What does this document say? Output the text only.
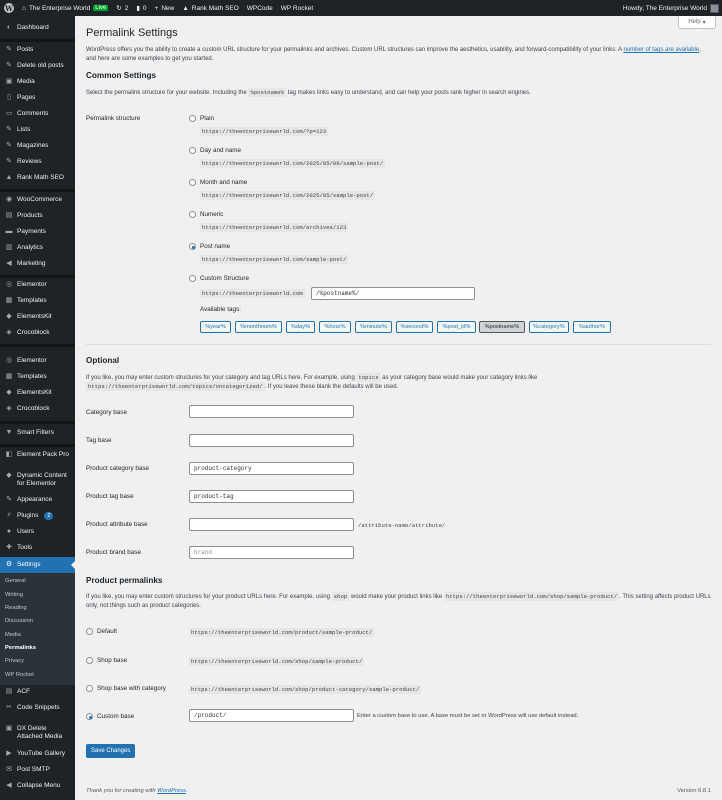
W ⌂ The Enterprise World Live	↻ 2 ▮ 0 + New ▲ Rank Math SEO WPCode WP Rocket	Howdy, The Enterprise World
◐ Dashboard
✎ Posts
✎ Delete old posts
▣ Media
▯ Pages
▭ Comments
✎ Lists
✎ Magazines
✎ Reviews
▲ Rank Math SEO
◉ WooCommerce
▤ Products
▬ Payments
▥ Analytics
◀ Marketing
◎ Elementor
▦ Templates
◆ ElementsKit
◈ Crocoblock
◎ Elementor
▦ Templates
◆ ElementsKit
◈ Crocoblock
▼ Smart Filters
◧ Element Pack Pro
◆ Dynamic Content for Elementor
✎ Appearance
⚡ Plugins	2
● Users
✚ Tools
⚙ Settings
General
Writing
Reading
Discussion
Media
Permalinks
Privacy
WP Rocket
▤ ACF
✂ Code Snippets
▣ DX Delete Attached Media
▶ YouTube Gallery
✉ Post SMTP
◀ Collapse Menu
Help ▾
Permalink Settings

WordPress offers you the ability to create a custom URL structure for your permalinks and archives. Custom URL structures can improve the aesthetics, usability, and forward-compatibility of your links. A number of tags are available, and here are some examples to get you started.

Common Settings

Select the permalink structure for your website. Including the %postname% tag makes links easy to understand, and can help your posts rank higher in search engines.

Permalink structure	Plain
https://theenterpriseworld.com/?p=123
Day and name
https://theenterpriseworld.com/2025/05/09/sample-post/
Month and name
https://theenterpriseworld.com/2025/05/sample-post/
Numeric
https://theenterpriseworld.com/archives/123
Post name
https://theenterpriseworld.com/sample-post/
Custom Structure
https://theenterpriseworld.com	/%postname%/
Available tags:
%year%	%monthnum%	%day%	%hour%	%minute%	%second%	%post_id%	%postname%	%category%	%author%
Optional

If you like, you may enter custom structures for your category and tag URLs here. For example, using topics as your category base would make your category links like https://theenterpriseworld.com/topics/uncategorized/ . If you leave these blank the defaults will be used.

Category base
Tag base
Product category base	product-category
Product tag base	product-tag
Product attribute base	/attribute-name/attribute/
Product brand base	brand
Product permalinks

If you like, you may enter custom structures for your product URLs here. For example, using shop would make your product links like https://theenterpriseworld.com/shop/sample-product/ . This setting affects product URLs only, not things such as product categories.

Default	https://theenterpriseworld.com/product/sample-product/
Shop base	https://theenterpriseworld.com/shop/sample-product/
Shop base with category	https://theenterpriseworld.com/shop/product-category/sample-product/
Custom base	/product/	Enter a custom base to use. A base must be set or WordPress will use default instead.
Save Changes
Thank you for creating with WordPress.	Version 6.8.1
